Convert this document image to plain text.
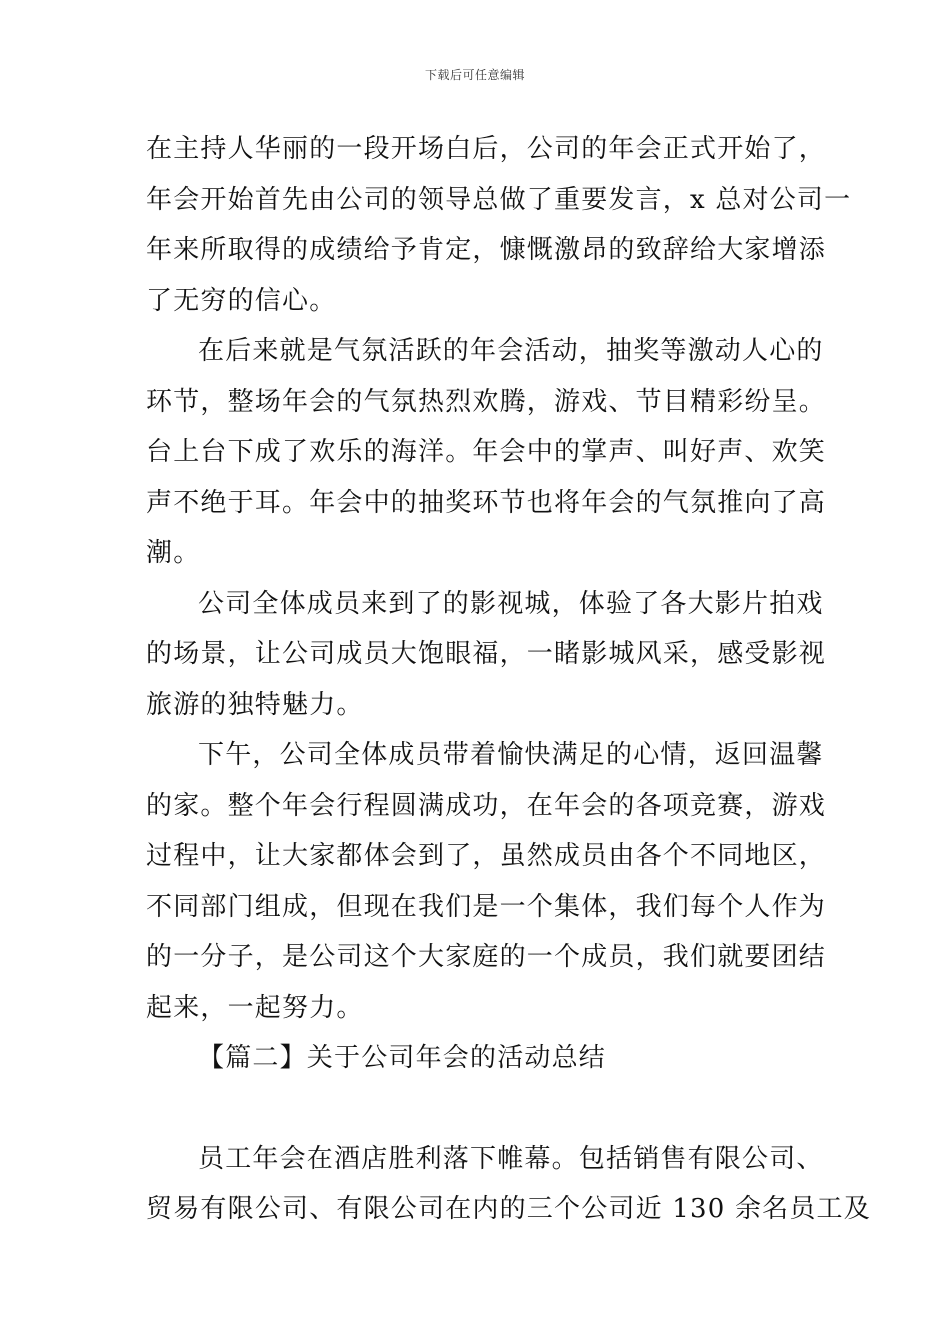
下载后可任意编辑
在主持人华丽的一段开场白后，公司的年会正式开始了，
年会开始首先由公司的领导总做了重要发言，x 总对公司一
年来所取得的成绩给予肯定，慷慨激昂的致辞给大家增添
了无穷的信心。
在后来就是气氛活跃的年会活动，抽奖等激动人心的
环节，整场年会的气氛热烈欢腾，游戏、节目精彩纷呈。
台上台下成了欢乐的海洋。年会中的掌声、叫好声、欢笑
声不绝于耳。年会中的抽奖环节也将年会的气氛推向了高
潮。
公司全体成员来到了的影视城，体验了各大影片拍戏
的场景，让公司成员大饱眼福，一睹影城风采，感受影视
旅游的独特魅力。
下午，公司全体成员带着愉快满足的心情，返回温馨
的家。整个年会行程圆满成功，在年会的各项竞赛，游戏
过程中，让大家都体会到了，虽然成员由各个不同地区，
不同部门组成，但现在我们是一个集体，我们每个人作为
的一分子，是公司这个大家庭的一个成员，我们就要团结
起来，一起努力。
【篇二】关于公司年会的活动总结
员工年会在酒店胜利落下帷幕。包括销售有限公司、
贸易有限公司、有限公司在内的三个公司近 130 余名员工及
